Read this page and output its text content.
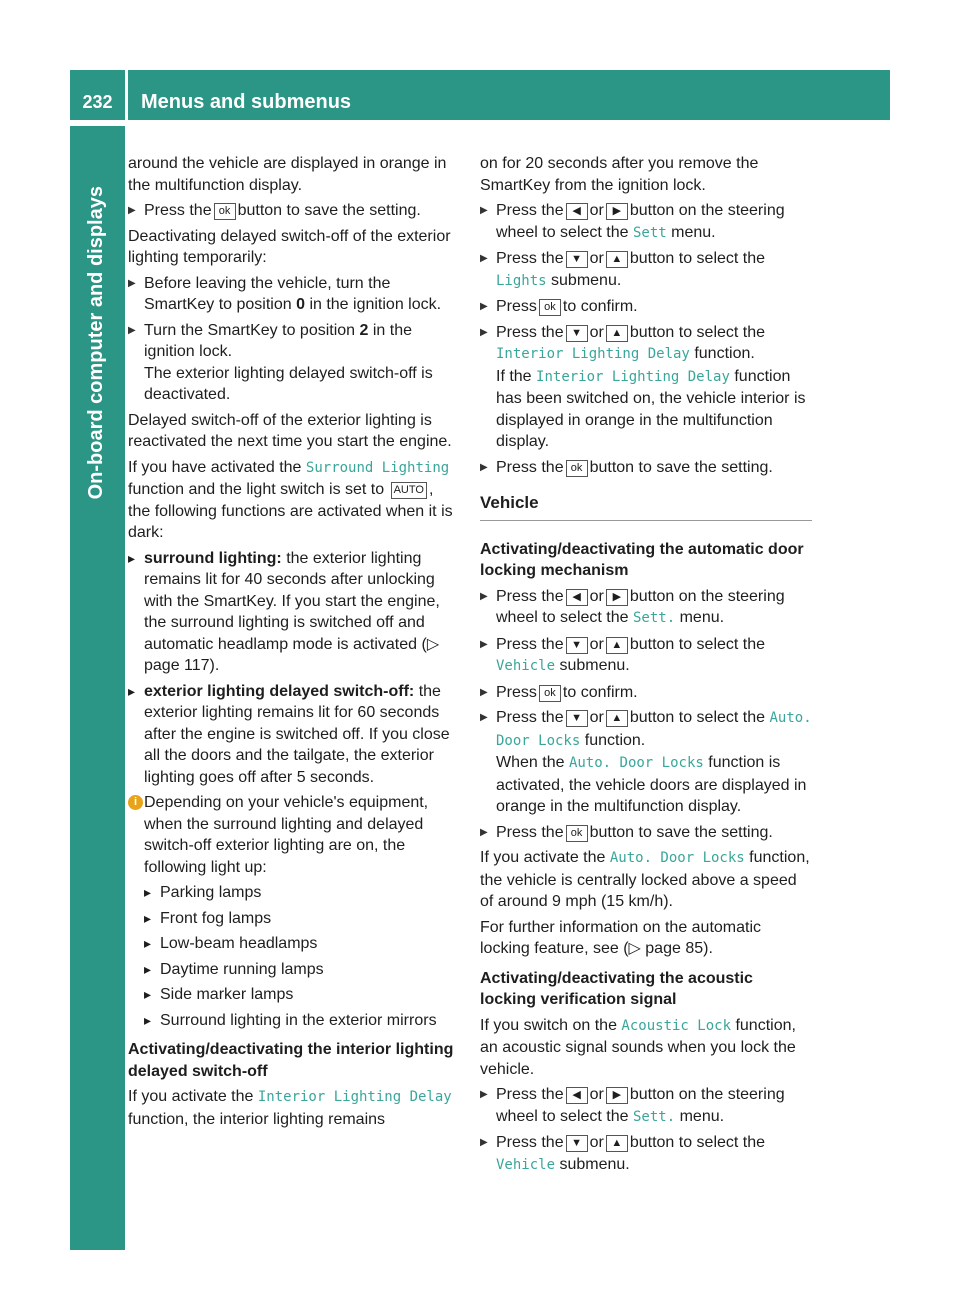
232	Menus and submenus
On-board computer and displays

around the vehicle are displayed in orange in the multifunction display.

▶ Press the ok button to save the setting.

Deactivating delayed switch-off of the exterior lighting temporarily:

▶ Before leaving the vehicle, turn the SmartKey to position 0 in the ignition lock.
▶ Turn the SmartKey to position 2 in the ignition lock.
The exterior lighting delayed switch-off is deactivated.

Delayed switch-off of the exterior lighting is reactivated the next time you start the engine.

If you have activated the Surround Lighting function and the light switch is set to AUTO , the following functions are activated when it is dark:

▸ surround lighting: the exterior lighting remains lit for 40 seconds after unlocking with the SmartKey. If you start the engine, the surround lighting is switched off and automatic headlamp mode is activated (▷ page 117).
▸ exterior lighting delayed switch-off: the exterior lighting remains lit for 60 seconds after the engine is switched off. If you close all the doors and the tailgate, the exterior lighting goes off after 5 seconds.
i Depending on your vehicle's equipment, when the surround lighting and delayed switch-off exterior lighting are on, the following light up:
▸ Parking lamps
▸ Front fog lamps
▸ Low-beam headlamps
▸ Daytime running lamps
▸ Side marker lamps
▸ Surround lighting in the exterior mirrors
Activating/deactivating the interior lighting delayed switch-off

If you activate the Interior Lighting Delay function, the interior lighting remains

on for 20 seconds after you remove the SmartKey from the ignition lock.

▶ Press the ◀ or ▶ button on the steering wheel to select the Sett menu.
▶ Press the ▼ or ▲ button to select the Lights submenu.
▶ Press ok to confirm.
▶ Press the ▼ or ▲ button to select the Interior Lighting Delay function.
If the Interior Lighting Delay function has been switched on, the vehicle interior is displayed in orange in the multifunction display.
▶ Press the ok button to save the setting.
Vehicle
Activating/deactivating the automatic door locking mechanism
▶ Press the ◀ or ▶ button on the steering wheel to select the Sett. menu.
▶ Press the ▼ or ▲ button to select the Vehicle submenu.
▶ Press ok to confirm.
▶ Press the ▼ or ▲ button to select the Auto. Door Locks function.
When the Auto. Door Locks function is activated, the vehicle doors are displayed in orange in the multifunction display.
▶ Press the ok button to save the setting.

If you activate the Auto. Door Locks function, the vehicle is centrally locked above a speed of around 9 mph (15 km/h).

For further information on the automatic locking feature, see (▷ page 85).

Activating/deactivating the acoustic locking verification signal

If you switch on the Acoustic Lock function, an acoustic signal sounds when you lock the vehicle.

▶ Press the ◀ or ▶ button on the steering wheel to select the Sett. menu.
▶ Press the ▼ or ▲ button to select the Vehicle submenu.
